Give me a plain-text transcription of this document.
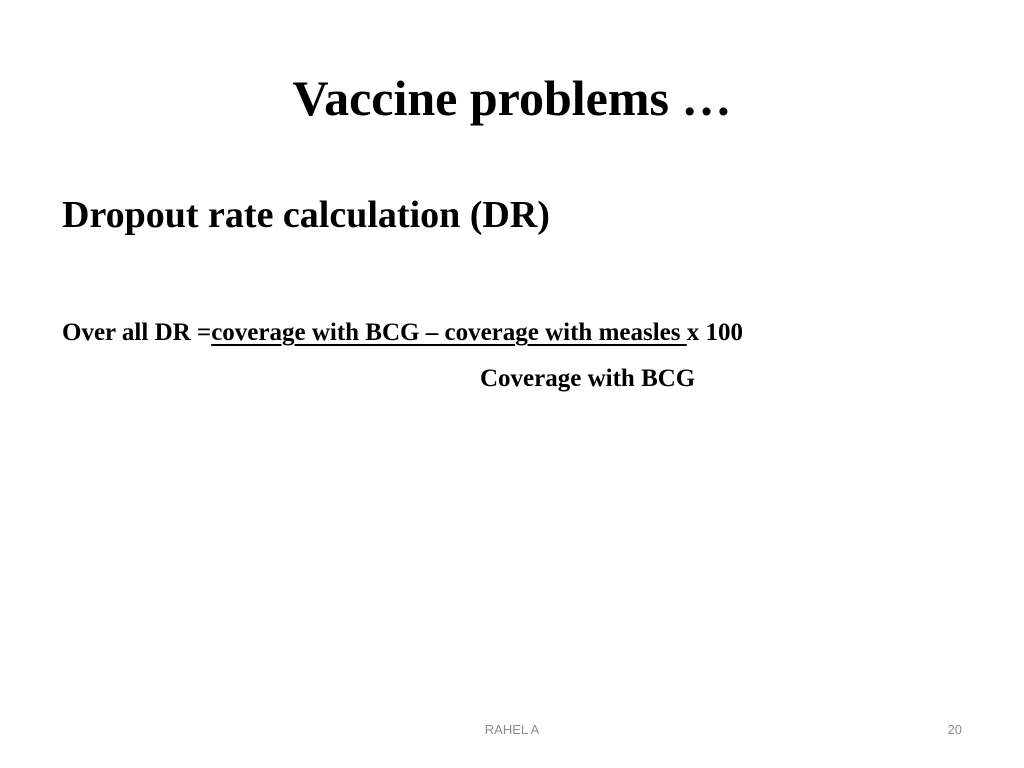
Vaccine problems …
Dropout rate calculation (DR)
Over all DR =coverage with BCG – coverage with measles x 100
Coverage with BCG
RAHEL A	20
